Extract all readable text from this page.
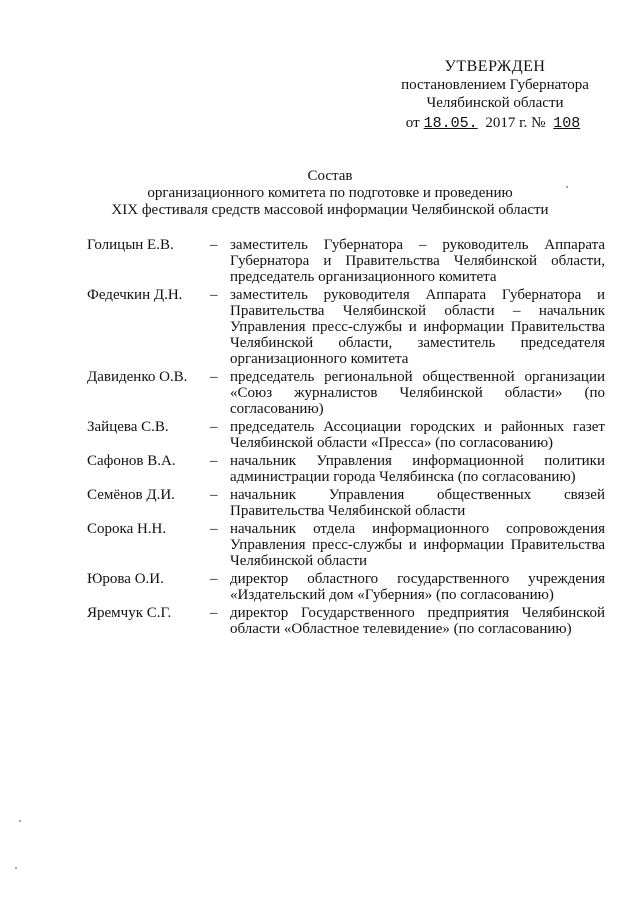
УТВЕРЖДЕН
постановлением Губернатора
Челябинской области
от 18.05. 2017 г. № 108
Состав
организационного комитета по подготовке и проведению
XIX фестиваля средств массовой информации Челябинской области
Голицын Е.В.	– заместитель Губернатора – руководитель Аппарата Губернатора и Правительства Челябинской области, председатель организационного комитета
Федечкин Д.Н.	– заместитель руководителя Аппарата Губернатора и Правительства Челябинской области – начальник Управления пресс-службы и информации Правительства Челябинской области, заместитель председателя организационного комитета
Давиденко О.В.	– председатель региональной общественной организации «Союз журналистов Челябинской области» (по согласованию)
Зайцева С.В.	– председатель Ассоциации городских и районных газет Челябинской области «Пресса» (по согласованию)
Сафонов В.А.	– начальник Управления информационной политики администрации города Челябинска (по согласованию)
Семёнов Д.И.	– начальник Управления общественных связей Правительства Челябинской области
Сорока Н.Н.	– начальник отдела информационного сопровождения Управления пресс-службы и информации Правительства Челябинской области
Юрова О.И.	– директор областного государственного учреждения «Издательский дом «Губерния» (по согласованию)
Яремчук С.Г.	– директор Государственного предприятия Челябинской области «Областное телевидение» (по согласованию)
